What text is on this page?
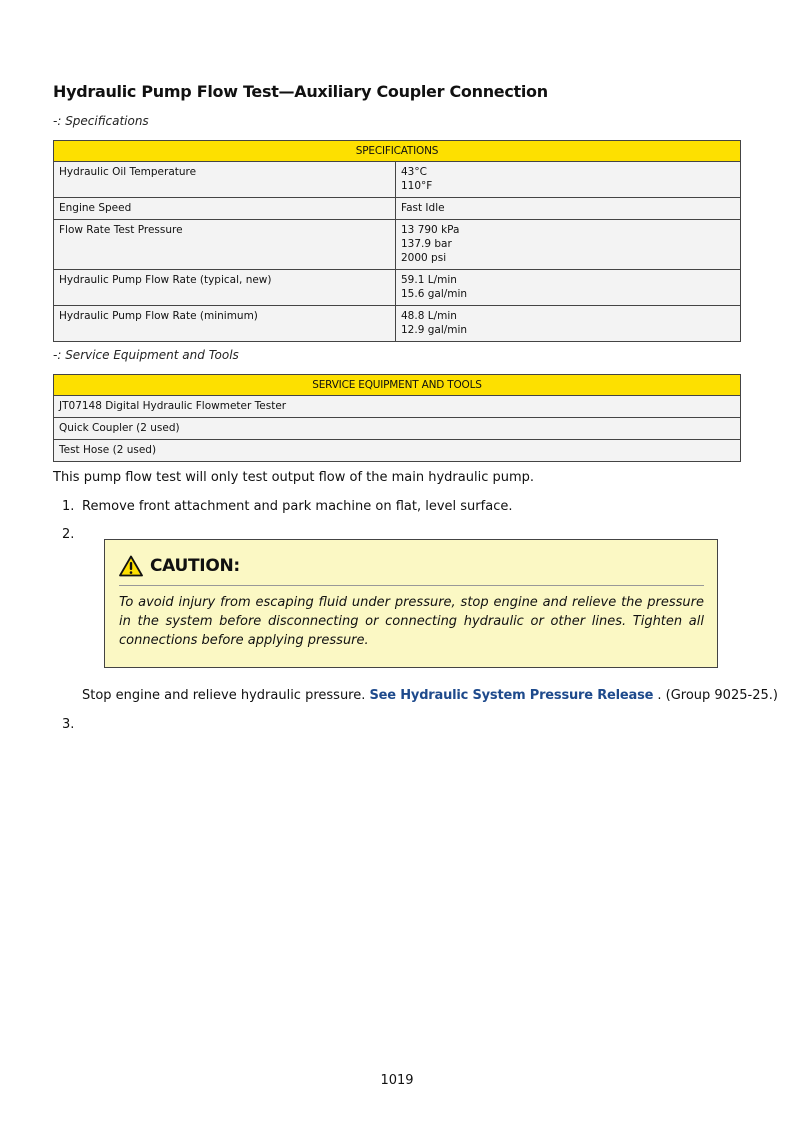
Hydraulic Pump Flow Test—Auxiliary Coupler Connection
-: Specifications
SPECIFICATIONS	
Hydraulic Oil Temperature	43°C
110°F

Engine Speed	Fast Idle

Flow Rate Test Pressure	13 790 kPa
137.9 bar
2000 psi

Hydraulic Pump Flow Rate (typical, new)	59.1 L/min
15.6 gal/min

Hydraulic Pump Flow Rate (minimum)	48.8 L/min
12.9 gal/min
-: Service Equipment and Tools
SERVICE EQUIPMENT AND TOOLS
JT07148 Digital Hydraulic Flowmeter Tester
Quick Coupler (2 used)
Test Hose (2 used)

This pump flow test will only test output flow of the main hydraulic pump.

1. Remove front attachment and park machine on flat, level surface.
2.
CAUTION:

To avoid injury from escaping fluid under pressure, stop engine and relieve the pressure in the system before disconnecting or connecting hydraulic or other lines. Tighten all connections before applying pressure.

Stop engine and relieve hydraulic pressure. See Hydraulic System Pressure Release . (Group 9025-25.)
3.
1019
